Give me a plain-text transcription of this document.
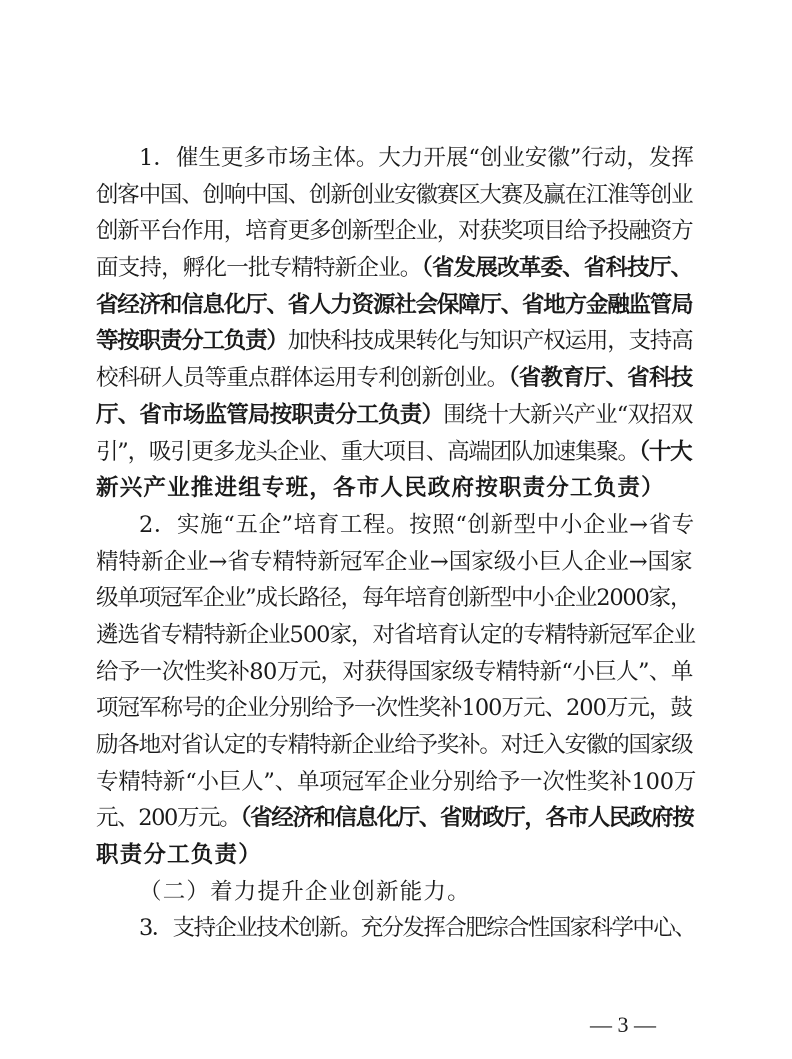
1．催生更多市场主体。大力开展“创业安徽”行动，发挥
创客中国、创响中国、创新创业安徽赛区大赛及赢在江淮等创业
创新平台作用，培育更多创新型企业，对获奖项目给予投融资方
面支持，孵化一批专精特新企业。（省发展改革委、省科技厅、
省经济和信息化厅、省人力资源社会保障厅、省地方金融监管局
等按职责分工负责）加快科技成果转化与知识产权运用，支持高
校科研人员等重点群体运用专利创新创业。（省教育厅、省科技
厅、省市场监管局按职责分工负责）围绕十大新兴产业“双招双
引”，吸引更多龙头企业、重大项目、高端团队加速集聚。（十大
新兴产业推进组专班，各市人民政府按职责分工负责）
2．实施“五企”培育工程。按照“创新型中小企业→省专
精特新企业→省专精特新冠军企业→国家级小巨人企业→国家
级单项冠军企业”成长路径，每年培育创新型中小企业2000家，
遴选省专精特新企业500家，对省培育认定的专精特新冠军企业
给予一次性奖补80万元，对获得国家级专精特新“小巨人”、单
项冠军称号的企业分别给予一次性奖补100万元、200万元，鼓
励各地对省认定的专精特新企业给予奖补。对迁入安徽的国家级
专精特新“小巨人”、单项冠军企业分别给予一次性奖补100万
元、200万元。（省经济和信息化厅、省财政厅，各市人民政府按
职责分工负责）
（二）着力提升企业创新能力。
3．支持企业技术创新。充分发挥合肥综合性国家科学中心、
— 3 —
